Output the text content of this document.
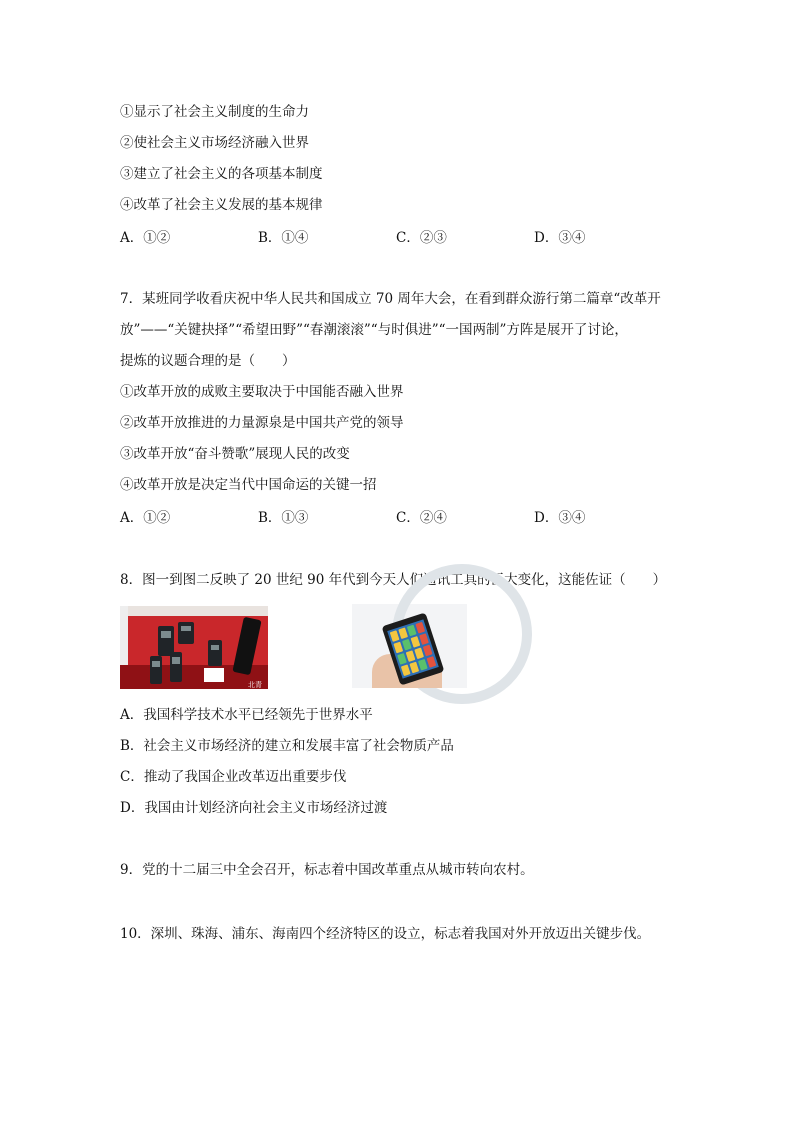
①显示了社会主义制度的生命力
②使社会主义市场经济融入世界
③建立了社会主义的各项基本制度
④改革了社会主义发展的基本规律
A．①②	B．①④	C．②③	D．③④
7．某班同学收看庆祝中华人民共和国成立 70 周年大会，在看到群众游行第二篇章“改革开
放”——“关键抉择”“希望田野”“春潮滚滚”“与时俱进”“一国两制”方阵是展开了讨论，
提炼的议题合理的是（　　）
①改革开放的成败主要取决于中国能否融入世界
②改革开放推进的力量源泉是中国共产党的领导
③改革开放“奋斗赞歌”展现人民的改变
④改革开放是决定当代中国命运的关键一招
A．①②	B．①③	C．②④	D．③④
8．图一到图二反映了 20 世纪 90 年代到今天人们通讯工具的巨大变化，这能佐证（　　）
北青网
A．我国科学技术水平已经领先于世界水平
B．社会主义市场经济的建立和发展丰富了社会物质产品
C．推动了我国企业改革迈出重要步伐
D．我国由计划经济向社会主义市场经济过渡
9．党的十二届三中全会召开，标志着中国改革重点从城市转向农村。
10．深圳、珠海、浦东、海南四个经济特区的设立，标志着我国对外开放迈出关键步伐。
